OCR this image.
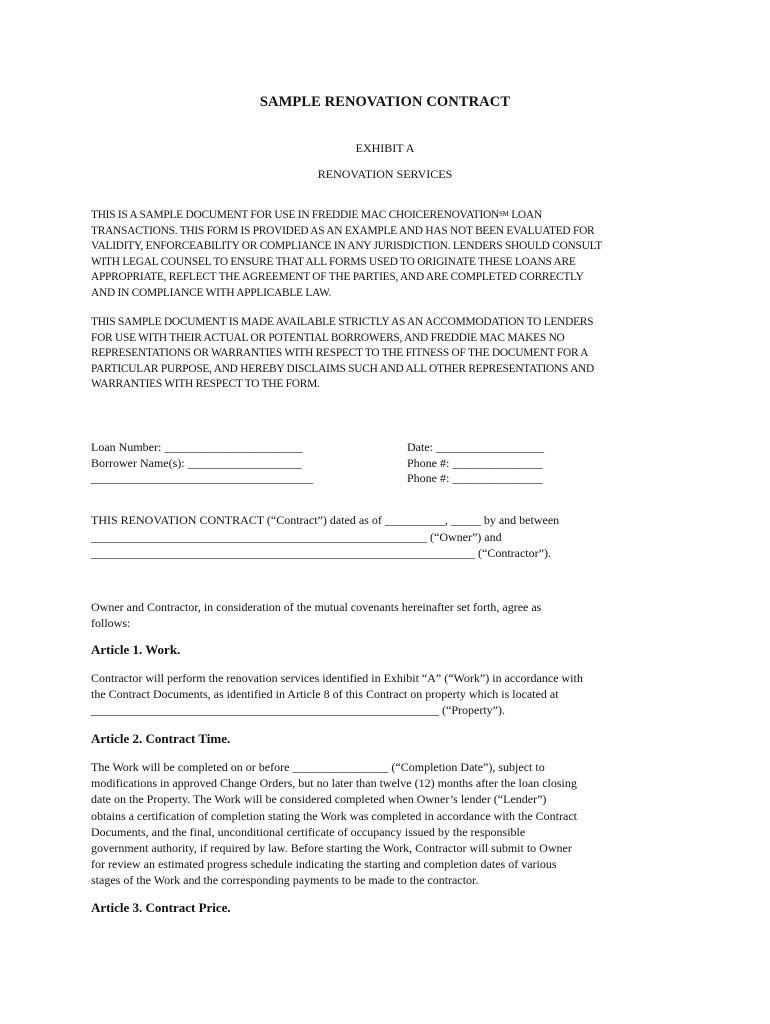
SAMPLE RENOVATION CONTRACT
EXHIBIT A
RENOVATION SERVICES
THIS IS A SAMPLE DOCUMENT FOR USE IN FREDDIE MAC CHOICERENOVATION℠ LOAN
TRANSACTIONS. THIS FORM IS PROVIDED AS AN EXAMPLE AND HAS NOT BEEN EVALUATED FOR
VALIDITY, ENFORCEABILITY OR COMPLIANCE IN ANY JURISDICTION. LENDERS SHOULD CONSULT
WITH LEGAL COUNSEL TO ENSURE THAT ALL FORMS USED TO ORIGINATE THESE LOANS ARE
APPROPRIATE, REFLECT THE AGREEMENT OF THE PARTIES, AND ARE COMPLETED CORRECTLY
AND IN COMPLIANCE WITH APPLICABLE LAW.
THIS SAMPLE DOCUMENT IS MADE AVAILABLE STRICTLY AS AN ACCOMMODATION TO LENDERS
FOR USE WITH THEIR ACTUAL OR POTENTIAL BORROWERS, AND FREDDIE MAC MAKES NO
REPRESENTATIONS OR WARRANTIES WITH RESPECT TO THE FITNESS OF THE DOCUMENT FOR A
PARTICULAR PURPOSE, AND HEREBY DISCLAIMS SUCH AND ALL OTHER REPRESENTATIONS AND
WARRANTIES WITH RESPECT TO THE FORM.
Loan Number: _______________________
Borrower Name(s): ___________________
_____________________________________
Date: __________________
Phone #: _______________
Phone #: _______________
THIS RENOVATION CONTRACT (“Contract”) dated as of __________, _____ by and between
________________________________________________________ (“Owner”) and
________________________________________________________________ (“Contractor”).
Owner and Contractor, in consideration of the mutual covenants hereinafter set forth, agree as
follows:
Article 1. Work.
Contractor will perform the renovation services identified in Exhibit “A” (“Work”) in accordance with
the Contract Documents, as identified in Article 8 of this Contract on property which is located at
__________________________________________________________ (“Property”).
Article 2. Contract Time.
The Work will be completed on or before ________________ (“Completion Date”), subject to
modifications in approved Change Orders, but no later than twelve (12) months after the loan closing
date on the Property. The Work will be considered completed when Owner’s lender (“Lender”)
obtains a certification of completion stating the Work was completed in accordance with the Contract
Documents, and the final, unconditional certificate of occupancy issued by the responsible
government authority, if required by law. Before starting the Work, Contractor will submit to Owner
for review an estimated progress schedule indicating the starting and completion dates of various
stages of the Work and the corresponding payments to be made to the contractor.
Article 3. Contract Price.
